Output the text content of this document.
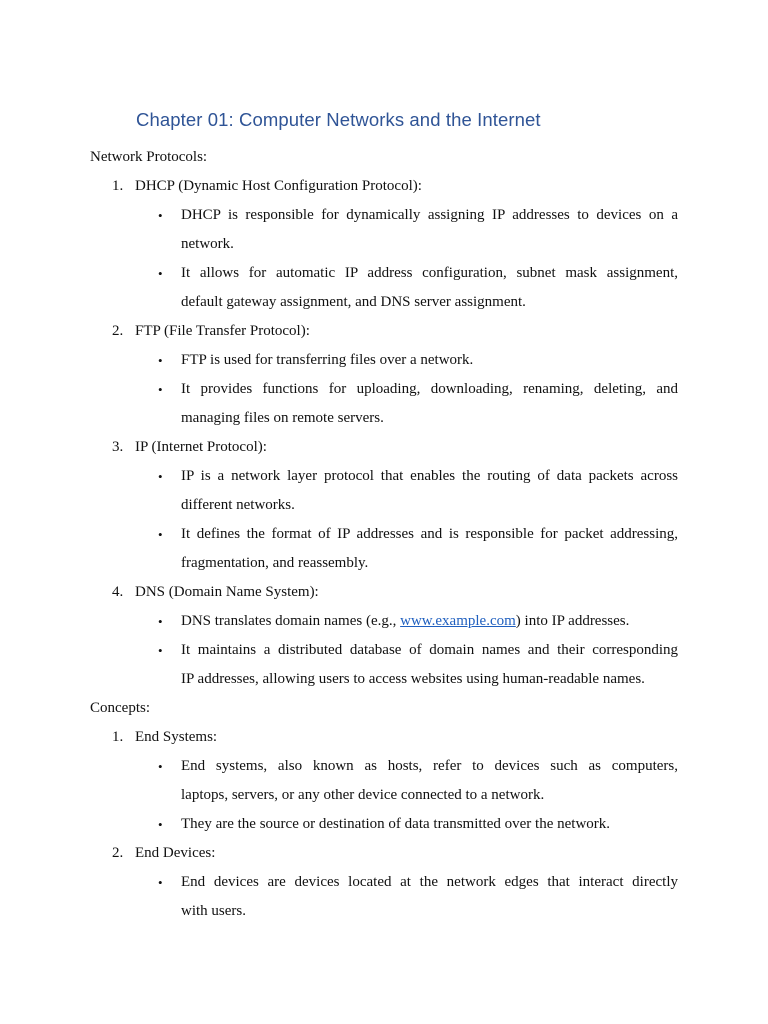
Chapter 01: Computer Networks and the Internet
Network Protocols:
1. DHCP (Dynamic Host Configuration Protocol):
• DHCP is responsible for dynamically assigning IP addresses to devices on a
network.
• It allows for automatic IP address configuration, subnet mask assignment,
default gateway assignment, and DNS server assignment.
2. FTP (File Transfer Protocol):
• FTP is used for transferring files over a network.
• It provides functions for uploading, downloading, renaming, deleting, and
managing files on remote servers.
3. IP (Internet Protocol):
• IP is a network layer protocol that enables the routing of data packets across
different networks.
• It defines the format of IP addresses and is responsible for packet addressing,
fragmentation, and reassembly.
4. DNS (Domain Name System):
• DNS translates domain names (e.g., www.example.com) into IP addresses.
• It maintains a distributed database of domain names and their corresponding
IP addresses, allowing users to access websites using human-readable names.
Concepts:
1. End Systems:
• End systems, also known as hosts, refer to devices such as computers,
laptops, servers, or any other device connected to a network.
• They are the source or destination of data transmitted over the network.
2. End Devices:
• End devices are devices located at the network edges that interact directly
with users.
